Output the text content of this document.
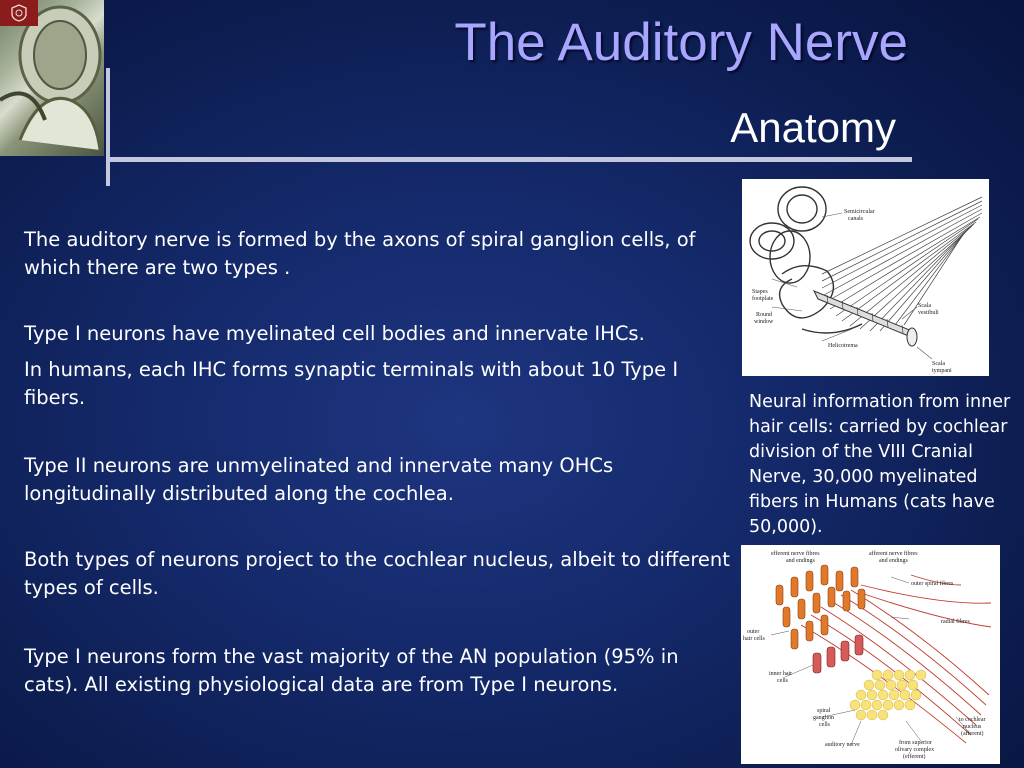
The Auditory Nerve
Anatomy
The auditory nerve is formed by the axons of spiral ganglion cells, of which there are two types .
Type I neurons have myelinated cell bodies and innervate IHCs.
In humans, each IHC forms synaptic terminals with about 10 Type I fibers.
Type II neurons are unmyelinated and innervate many OHCs longitudinally distributed along the cochlea.
Both types of neurons project to the cochlear nucleus, albeit to different types of cells.
Type I neurons form the vast majority of the AN population (95% in cats). All existing physiological data are from Type I neurons.
Semicircular
canals
Stapes
footplate
Round
window
Helicotrema
Scala
vestibuli
Scala
tympani
Neural information from inner hair cells: carried by cochlear division of the VIII Cranial Nerve, 30,000 myelinated fibers in Humans (cats have 50,000).
efferent nerve fibres
and endings
afferent nerve fibres
and endings
outer spiral fibres
radial fibres
outer
hair cells
inner hair
cells
spiral
ganglion
cells
auditory nerve
to cochlear
nucleus
(afferent)
from superior
olivary complex
(efferent)
